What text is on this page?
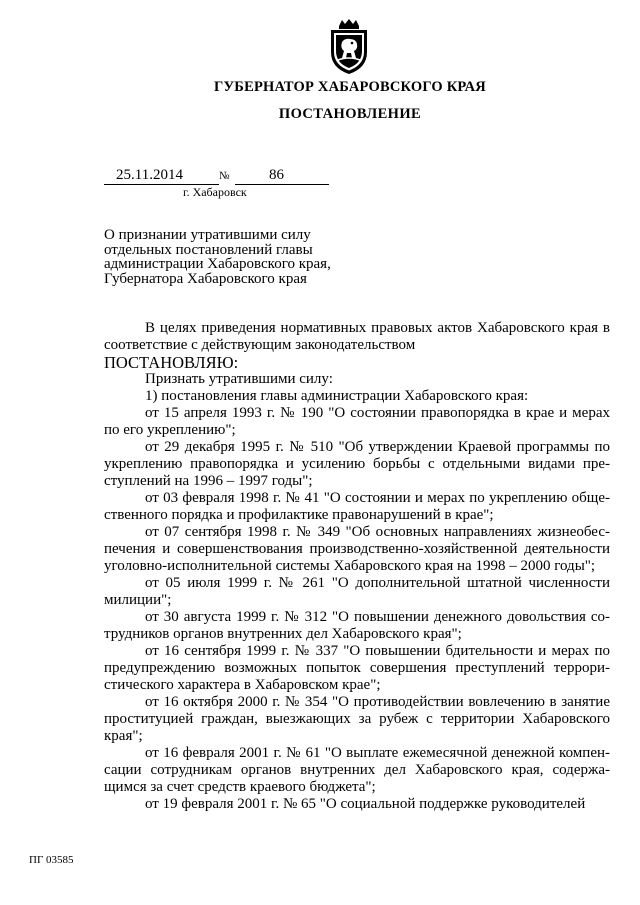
ГУБЕРНАТОР ХАБАРОВСКОГО КРАЯ
ПОСТАНОВЛЕНИЕ
25.11.2014	№	86
г. Хабаровск
О признании утратившими силу
отдельных постановлений главы
администрации Хабаровского края,
Губернатора Хабаровского края
В целях приведения нормативных правовых актов Хабаровского края в соответствие с действующим законодательством
ПОСТАНОВЛЯЮ:
Признать утратившими силу:
1) постановления главы администрации Хабаровского края:
от 15 апреля 1993 г. № 190 "О состоянии правопорядка в крае и мерах по его укреплению";
от 29 декабря 1995 г. № 510 "Об утверждении Краевой программы по укреплению правопорядка и усилению борьбы с отдельными видами преступлений на 1996 – 1997 годы";
от 03 февраля 1998 г. № 41 "О состоянии и мерах по укреплению общественного порядка и профилактике правонарушений в крае";
от 07 сентября 1998 г. № 349 "Об основных направлениях жизнеобеспечения и совершенствования производственно-хозяйственной деятельности уголовно-исполнительной системы Хабаровского края на 1998 – 2000 годы";
от 05 июля 1999 г. № 261 "О дополнительной штатной численности милиции";
от 30 августа 1999 г. № 312 "О повышении денежного довольствия сотрудников органов внутренних дел Хабаровского края";
от 16 сентября 1999 г. № 337 "О повышении бдительности и мерах по предупреждению возможных попыток совершения преступлений террористического характера в Хабаровском крае";
от 16 октября 2000 г. № 354 "О противодействии вовлечению в занятие проституцией граждан, выезжающих за рубеж с территории Хабаровского края";
от 16 февраля 2001 г. № 61 "О выплате ежемесячной денежной компенсации сотрудникам органов внутренних дел Хабаровского края, содержащимся за счет средств краевого бюджета";
от 19 февраля 2001 г. № 65 "О социальной поддержке руководителей
ПГ 03585
